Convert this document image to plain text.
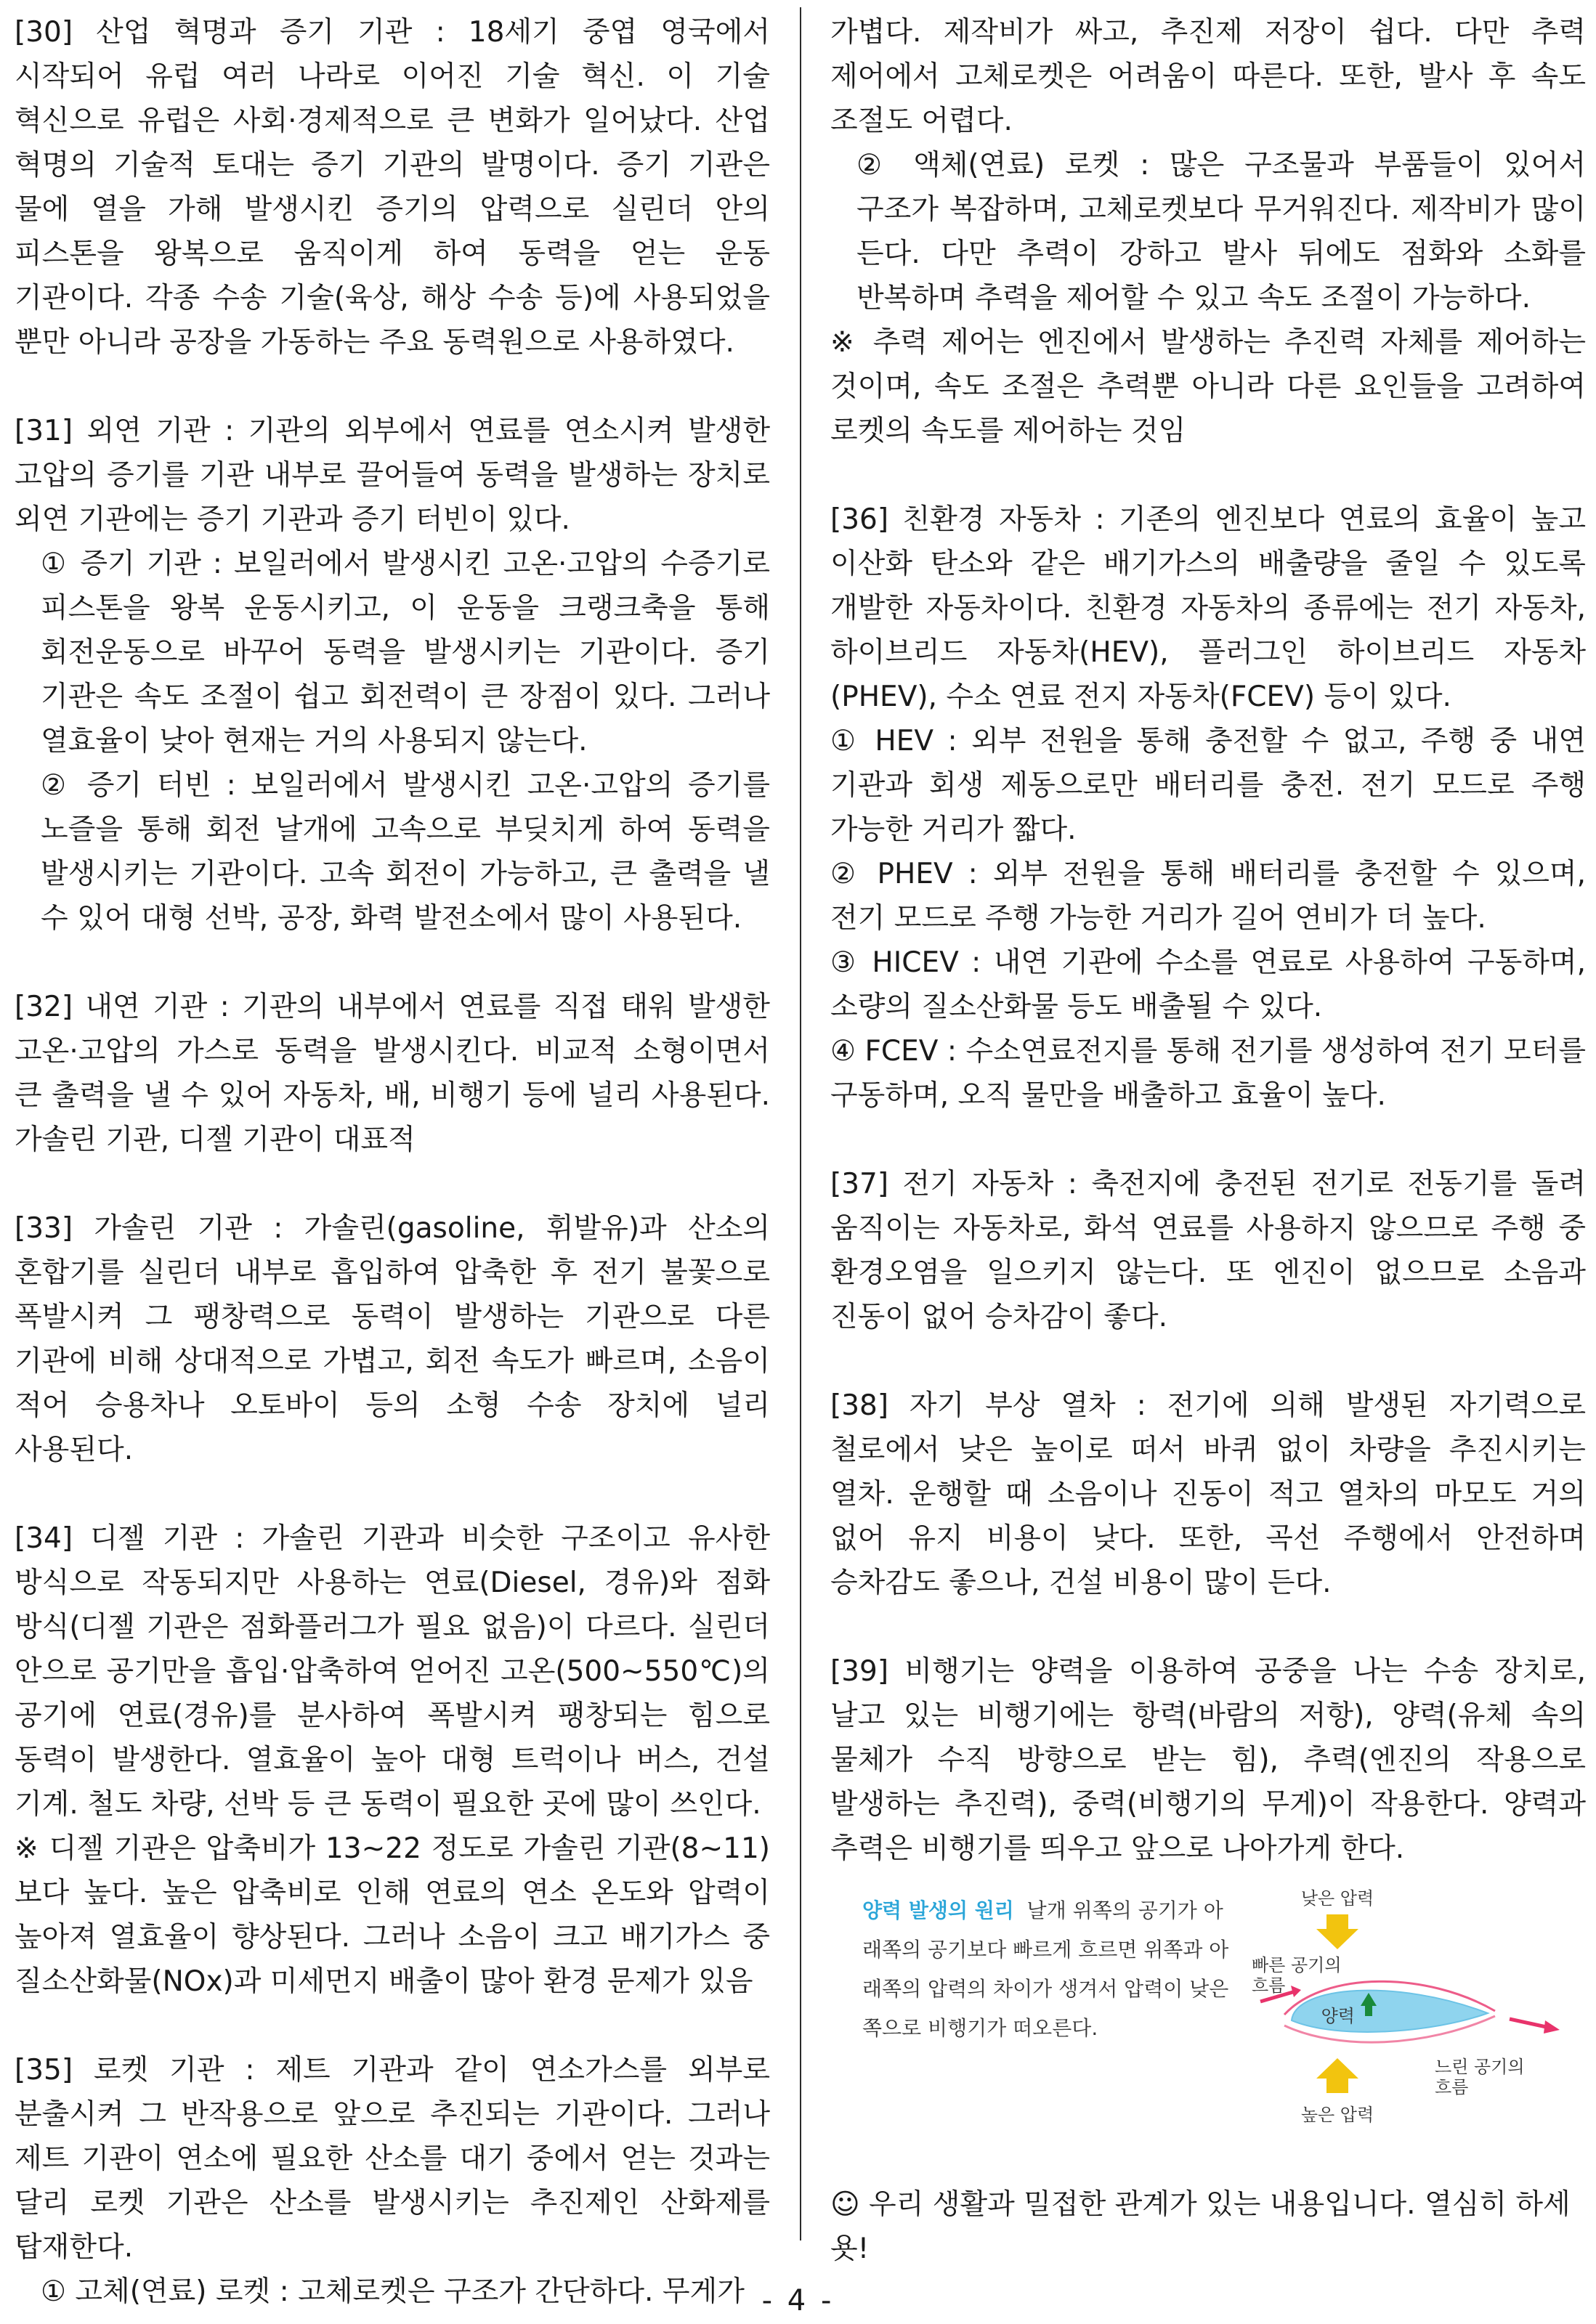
[30] 산업 혁명과 증기 기관 : 18세기 중엽 영국에서 시작되어 유럽 여러 나라로 이어진 기술 혁신. 이 기술 혁신으로 유럽은 사회·경제적으로 큰 변화가 일어났다. 산업 혁명의 기술적 토대는 증기 기관의 발명이다. 증기 기관은 물에 열을 가해 발생시킨 증기의 압력으로 실린더 안의 피스톤을 왕복으로 움직이게 하여 동력을 얻는 운동 기관이다. 각종 수송 기술(육상, 해상 수송 등)에 사용되었을 뿐만 아니라 공장을 가동하는 주요 동력원으로 사용하였다.

[31] 외연 기관 : 기관의 외부에서 연료를 연소시켜 발생한 고압의 증기를 기관 내부로 끌어들여 동력을 발생하는 장치로 외연 기관에는 증기 기관과 증기 터빈이 있다.

① 증기 기관 : 보일러에서 발생시킨 고온·고압의 수증기로 피스톤을 왕복 운동시키고, 이 운동을 크랭크축을 통해 회전운동으로 바꾸어 동력을 발생시키는 기관이다. 증기 기관은 속도 조절이 쉽고 회전력이 큰 장점이 있다. 그러나 열효율이 낮아 현재는 거의 사용되지 않는다.

② 증기 터빈 : 보일러에서 발생시킨 고온·고압의 증기를 노즐을 통해 회전 날개에 고속으로 부딪치게 하여 동력을 발생시키는 기관이다. 고속 회전이 가능하고, 큰 출력을 낼 수 있어 대형 선박, 공장, 화력 발전소에서 많이 사용된다.

[32] 내연 기관 : 기관의 내부에서 연료를 직접 태워 발생한 고온·고압의 가스로 동력을 발생시킨다. 비교적 소형이면서 큰 출력을 낼 수 있어 자동차, 배, 비행기 등에 널리 사용된다. 가솔린 기관, 디젤 기관이 대표적

[33] 가솔린 기관 : 가솔린(gasoline, 휘발유)과 산소의 혼합기를 실린더 내부로 흡입하여 압축한 후 전기 불꽃으로 폭발시켜 그 팽창력으로 동력이 발생하는 기관으로 다른 기관에 비해 상대적으로 가볍고, 회전 속도가 빠르며, 소음이 적어 승용차나 오토바이 등의 소형 수송 장치에 널리 사용된다.

[34] 디젤 기관 : 가솔린 기관과 비슷한 구조이고 유사한 방식으로 작동되지만 사용하는 연료(Diesel, 경유)와 점화 방식(디젤 기관은 점화플러그가 필요 없음)이 다르다. 실린더 안으로 공기만을 흡입·압축하여 얻어진 고온(500~550℃)의 공기에 연료(경유)를 분사하여 폭발시켜 팽창되는 힘으로 동력이 발생한다. 열효율이 높아 대형 트럭이나 버스, 건설 기계. 철도 차량, 선박 등 큰 동력이 필요한 곳에 많이 쓰인다.

※ 디젤 기관은 압축비가 13~22 정도로 가솔린 기관(8~11)보다 높다. 높은 압축비로 인해 연료의 연소 온도와 압력이 높아져 열효율이 향상된다. 그러나 소음이 크고 배기가스 중 질소산화물(NOx)과 미세먼지 배출이 많아 환경 문제가 있음

[35] 로켓 기관 : 제트 기관과 같이 연소가스를 외부로 분출시켜 그 반작용으로 앞으로 추진되는 기관이다. 그러나 제트 기관이 연소에 필요한 산소를 대기 중에서 얻는 것과는 달리 로켓 기관은 산소를 발생시키는 추진제인 산화제를 탑재한다.

① 고체(연료) 로켓 : 고체로켓은 구조가 간단하다. 무게가

가볍다. 제작비가 싸고, 추진제 저장이 쉽다. 다만 추력 제어에서 고체로켓은 어려움이 따른다. 또한, 발사 후 속도 조절도 어렵다.

② 액체(연료) 로켓 : 많은 구조물과 부품들이 있어서 구조가 복잡하며, 고체로켓보다 무거워진다. 제작비가 많이 든다. 다만 추력이 강하고 발사 뒤에도 점화와 소화를 반복하며 추력을 제어할 수 있고 속도 조절이 가능하다.

※ 추력 제어는 엔진에서 발생하는 추진력 자체를 제어하는 것이며, 속도 조절은 추력뿐 아니라 다른 요인들을 고려하여 로켓의 속도를 제어하는 것임

[36] 친환경 자동차 : 기존의 엔진보다 연료의 효율이 높고 이산화 탄소와 같은 배기가스의 배출량을 줄일 수 있도록 개발한 자동차이다. 친환경 자동차의 종류에는 전기 자동차, 하이브리드 자동차(HEV), 플러그인 하이브리드 자동차(PHEV), 수소 연료 전지 자동차(FCEV) 등이 있다.

① HEV : 외부 전원을 통해 충전할 수 없고, 주행 중 내연 기관과 회생 제동으로만 배터리를 충전. 전기 모드로 주행 가능한 거리가 짧다.

② PHEV : 외부 전원을 통해 배터리를 충전할 수 있으며, 전기 모드로 주행 가능한 거리가 길어 연비가 더 높다.

③ HICEV : 내연 기관에 수소를 연료로 사용하여 구동하며, 소량의 질소산화물 등도 배출될 수 있다.

④ FCEV : 수소연료전지를 통해 전기를 생성하여 전기 모터를 구동하며, 오직 물만을 배출하고 효율이 높다.

[37] 전기 자동차 : 축전지에 충전된 전기로 전동기를 돌려 움직이는 자동차로, 화석 연료를 사용하지 않으므로 주행 중 환경오염을 일으키지 않는다. 또 엔진이 없으므로 소음과 진동이 없어 승차감이 좋다.

[38] 자기 부상 열차 : 전기에 의해 발생된 자기력으로 철로에서 낮은 높이로 떠서 바퀴 없이 차량을 추진시키는 열차. 운행할 때 소음이나 진동이 적고 열차의 마모도 거의 없어 유지 비용이 낮다. 또한, 곡선 주행에서 안전하며 승차감도 좋으나, 건설 비용이 많이 든다.

[39] 비행기는 양력을 이용하여 공중을 나는 수송 장치로, 날고 있는 비행기에는 항력(바람의 저항), 양력(유체 속의 물체가 수직 방향으로 받는 힘), 추력(엔진의 작용으로 발생하는 추진력), 중력(비행기의 무게)이 작용한다. 양력과 추력은 비행기를 띄우고 앞으로 나아가게 한다.

양력 발생의 원리 날개 위쪽의 공기가 아래쪽의 공기보다 빠르게 흐르면 위쪽과 아래쪽의 압력의 차이가 생겨서 압력이 낮은 쪽으로 비행기가 떠오른다.
낮은 압력
빠른 공기의
흐름
양력
높은 압력
느린 공기의
흐름
☺ 우리 생활과 밀접한 관계가 있는 내용입니다. 열심히 하세욧!
- 4 -
